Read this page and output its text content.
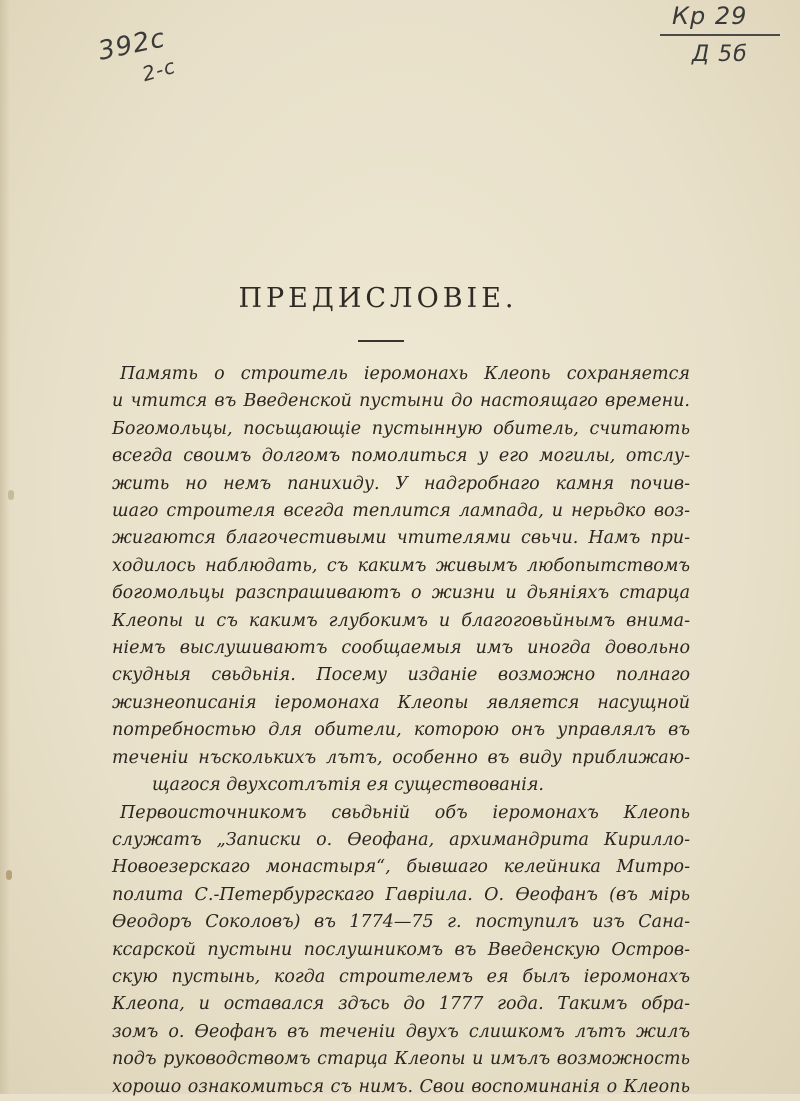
392c
2-c
Кр 29
Д 5б
ПРЕДИСЛОВІЕ.
Память о строитель іеромонахь Клеопь сохраняется
и чтится въ Введенской пустыни до настоящаго времени.
Богомольцы, посьщающіе пустынную обитель, считають
всегда своимъ долгомъ помолиться у его могилы, отслу-
жить но немъ панихиду. У надгробнаго камня почив-
шаго строителя всегда теплится лампада, и нерьдко воз-
жигаются благочестивыми чтителями свьчи. Намъ при-
ходилось наблюдать, съ какимъ живымъ любопытствомъ
богомольцы разспрашиваютъ о жизни и дьяніяхъ старца
Клеопы и съ какимъ глубокимъ и благоговьйнымъ внима-
ніемъ выслушиваютъ сообщаемыя имъ иногда довольно
скудныя свьдьнія. Посему изданіе возможно полнаго
жизнеописанія іеромонаха Клеопы является насущной
потребностью для обители, которою онъ управлялъ въ
теченіи нъсколькихъ лътъ, особенно въ виду приближаю-
щагося двухсотлътія ея существованія.
Первоисточникомъ свьдьній объ іеромонахъ Клеопь
служатъ „Записки о. Өеофана, архимандрита Кирилло-
Новоезерскаго монастыря“, бывшаго келейника Митро-
полита С.-Петербургскаго Гавріила. О. Өеофанъ (въ мірь
Өеодоръ Соколовъ) въ 1774—75 г. поступилъ изъ Сана-
ксарской пустыни послушникомъ въ Введенскую Остров-
скую пустынь, когда строителемъ ея былъ іеромонахъ
Клеопа, и оставался здъсь до 1777 года. Такимъ обра-
зомъ о. Өеофанъ въ теченіи двухъ слишкомъ лътъ жилъ
подъ руководствомъ старца Клеопы и имълъ возможность
хорошо ознакомиться съ нимъ. Свои воспоминанія о Клеопь
